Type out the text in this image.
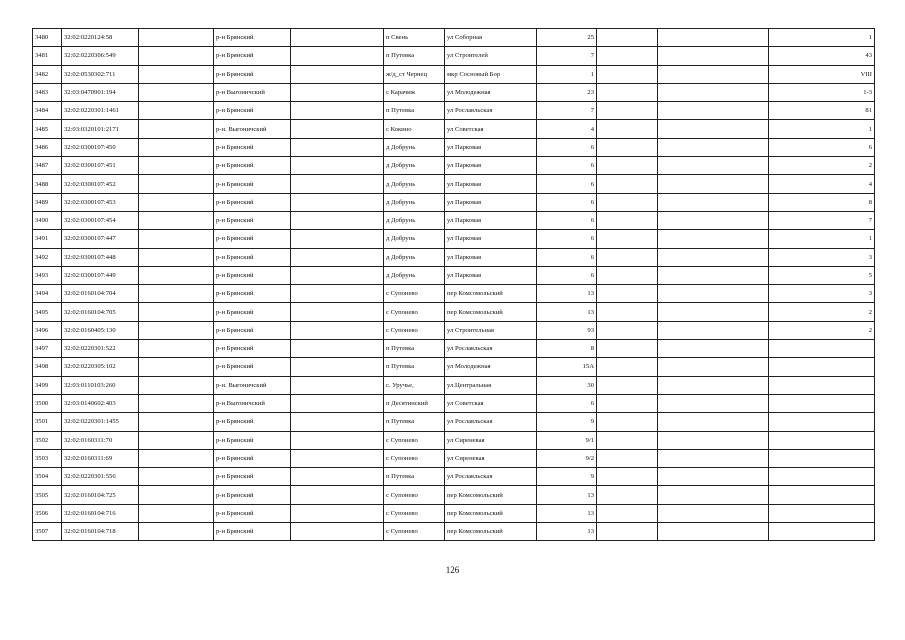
3480	32:02:0220124:58		р-н Брянский		п Свень	ул Соборная	25			1
3481	32:02:0220306:549		р-н Брянский		п Путевка	ул Строителей	7			43
3482	32:02:0530302:711		р-н Брянский		ж/д_ст Чернец	мкр Сосновый Бор	1			VIII
3483	32:03:0470901:194		р-н Выгоничский		с Карачиж	ул Молодежная	23			1-3
3484	32:02:0220301:1461		р-н Брянский		п Путевка	ул Рославльская	7			81
3485	32:03:0320101:2171		р-н. Выгоничский		с Кокино	ул Советская	4			1
3486	32:02:0300107:450		р-н Брянский		д Добрунь	ул Парковая	6			6
3487	32:02:0300107:451		р-н Брянский		д Добрунь	ул Парковая	6			2
3488	32:02:0300107:452		р-н Брянский		д Добрунь	ул Парковая	6			4
3489	32:02:0300107:453		р-н Брянский		д Добрунь	ул Парковая	6			8
3490	32:02:0300107:454		р-н Брянский		д Добрунь	ул Парковая	6			7
3491	32:02:0300107:447		р-н Брянский		д Добрунь	ул Парковая	6			1
3492	32:02:0300107:448		р-н Брянский		д Добрунь	ул Парковая	6			3
3493	32:02:0300107:449		р-н Брянский		д Добрунь	ул Парковая	6			5
3494	32:02:0160104:704		р-н Брянский		с Супонево	пер Комсомольский	13			3
3495	32:02:0160104:705		р-н Брянский		с Супонево	пер Комсомольский	13			2
3496	32:02:0160405:130		р-н Брянский		с Супонево	ул Строительная	93			2
3497	32:02:0220301:522		р-н Брянский		п Путевка	ул Рославльская	8			
3498	32:02:0220305:102		р-н Брянский		п Путевка	ул Молодежная	15А			
3499	32:03:0110103:260		р-н. Выгоничский		с. Уручье,	ул.Центральная	30			
3500	32:03:0140602:403		р-н Выгоничский		п Десятинский	ул Советская	6			
3501	32:02:0220301:1455		р-н Брянский		п Путевка	ул Рославльская	9			
3502	32:02:0160311:70		р-н Брянский		с Супонево	ул Сиреневая	9/1			
3503	32:02:0160311:69		р-н Брянский		с Супонево	ул Сиреневая	9/2			
3504	32:02:0220301:556		р-н Брянский		п Путевка	ул Рославльская	9			
3505	32:02:0160104:725		р-н Брянский		с Супонево	пер Комсомольский	13			
3506	32:02:0160104:716		р-н Брянский		с Супонево	пер Комсомольский	13			
3507	32:02:0160104:718		р-н Брянский		с Супонево	пер Комсомольский	13			
126
